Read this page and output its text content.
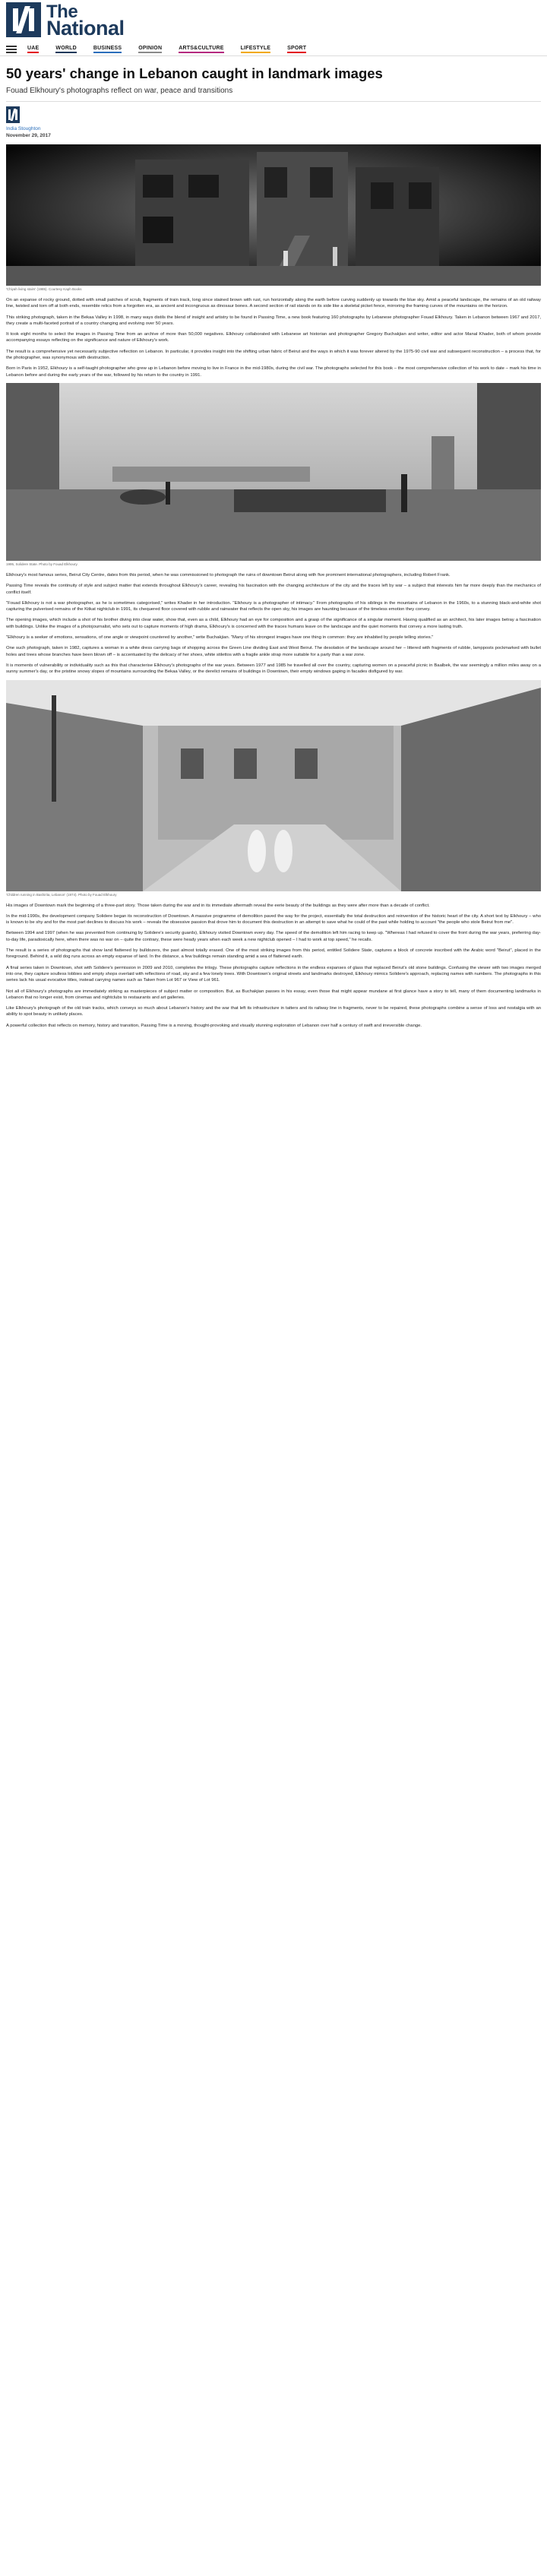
The
National
UAE	WORLD	BUSINESS	OPINION	ARTS&CULTURE	LIFESTYLE	SPORT
50 years' change in Lebanon caught in landmark images
Fouad Elkhoury's photographs reflect on war, peace and transitions
India Stoughton
November 29, 2017
'Chiyah living stairs' (1985). Courtesy Kaph Books

On an expanse of rocky ground, dotted with small patches of scrub, fragments of train track, long since stained brown with rust, run horizontally along the earth before curving suddenly up towards the blue sky. Amid a peaceful landscape, the remains of an old railway line, twisted and torn off at both ends, resemble relics from a forgotten era, as ancient and incongruous as dinosaur bones. A second section of rail stands on its side like a skeletal picket fence, mirroring the framing curves of the mountains on the horizon.

This striking photograph, taken in the Bekaa Valley in 1998, in many ways distils the blend of insight and artistry to be found in Passing Time, a new book featuring 160 photographs by Lebanese photographer Fouad Elkhoury. Taken in Lebanon between 1967 and 2017, they create a multi-faceted portrait of a country changing and evolving over 50 years.

It took eight months to select the images in Passing Time from an archive of more than 50,000 negatives. Elkhoury collaborated with Lebanese art historian and photographer Gregory Buchakjian and writer, editor and actor Manal Khader, both of whom provide accompanying essays reflecting on the significance and nature of Elkhoury's work.

The result is a comprehensive yet necessarily subjective reflection on Lebanon. In particular, it provides insight into the shifting urban fabric of Beirut and the ways in which it was forever altered by the 1975-90 civil war and subsequent reconstruction – a process that, for the photographer, was synonymous with destruction.

Born in Paris in 1952, Elkhoury is a self-taught photographer who grew up in Lebanon before moving to live in France in the mid-1980s, during the civil war. The photographs selected for this book – the most comprehensive collection of his work to date – mark his time in Lebanon before and during the early years of the war, followed by his return to the country in 1991.

1995, Solidere State. Photo by Fouad Elkhoury.

Elkhoury's most famous series, Beirut City Centre, dates from this period, when he was commissioned to photograph the ruins of downtown Beirut along with five prominent international photographers, including Robert Frank.

Passing Time reveals the continuity of style and subject matter that extends throughout Elkhoury's career, revealing his fascination with the changing architecture of the city and the traces left by war – a subject that interests him far more deeply than the mechanics of conflict itself.

"Fouad Elkhoury is not a war photographer, as he is sometimes categorised," writes Khader in her introduction. "Elkhoury is a photographer of intimacy." From photographs of his siblings in the mountains of Lebanon in the 1960s, to a stunning black-and-white shot capturing the pulverised remains of the Kitkat nightclub in 1991, its chequered floor covered with rubble and rainwater that reflects the open sky, his images are haunting because of the timeless emotion they convey.

The opening images, which include a shot of his brother diving into clear water, show that, even as a child, Elkhoury had an eye for composition and a grasp of the significance of a singular moment. Having qualified as an architect, his later images betray a fascination with buildings. Unlike the images of a photojournalist, who sets out to capture moments of high drama, Elkhoury's is concerned with the traces humans leave on the landscape and the quiet moments that convey a more lasting truth.

"Elkhoury is a seeker of emotions, sensations, of one angle or viewpoint countered by another," write Buchakjian. "Many of his strongest images have one thing in common: they are inhabited by people telling stories."

One such photograph, taken in 1982, captures a woman in a white dress carrying bags of shopping across the Green Line dividing East and West Beirut. The desolation of the landscape around her – littered with fragments of rubble, lampposts pockmarked with bullet holes and trees whose branches have been blown off – is accentuated by the delicacy of her shoes, white stilettos with a fragile ankle strap more suitable for a party than a war zone.

It is moments of vulnerability or individuality such as this that characterise Elkhoury's photographs of the war years. Between 1977 and 1985 he travelled all over the country, capturing women on a peaceful picnic in Baalbek, the war seemingly a million miles away on a sunny summer's day, or the pristine snowy slopes of mountains surrounding the Bekaa Valley, or the derelict remains of buildings in Downtown, their empty windows gaping in facades disfigured by war.

'Children running in Bashirita, Lebanon' (1974). Photo by Fouad Elkhoury

His images of Downtown mark the beginning of a three-part story. Those taken during the war and in its immediate aftermath reveal the eerie beauty of the buildings as they were after more than a decade of conflict.

In the mid-1990s, the development company Solidere began its reconstruction of Downtown. A massive programme of demolition paved the way for the project, essentially the total destruction and reinvention of the historic heart of the city. A short text by Elkhoury – who is known to be shy and for the most part declines to discuss his work – reveals the obsessive passion that drove him to document this destruction in an attempt to save what he could of the past while holding to account "the people who stole Beirut from me".

Between 1994 and 1997 (when he was prevented from continuing by Solidere's security guards), Elkhoury visited Downtown every day. The speed of the demolition left him racing to keep up. "Whereas I had refused to cover the front during the war years, preferring day-to-day life, paradoxically here, when there was no war on – quite the contrary, these were heady years when each week a new nightclub opened – I had to work at top speed," he recalls.

The result is a series of photographs that show land flattened by bulldozers, the past almost totally erased. One of the most striking images from this period, entitled Solidere State, captures a block of concrete inscribed with the Arabic word "Beirut", placed in the foreground. Behind it, a wild dog runs across an empty expanse of land. In the distance, a few buildings remain standing amid a sea of flattened earth.

A final series taken in Downtown, shot with Solidere's permission in 2009 and 2010, completes the trilogy. These photographs capture reflections in the endless expanses of glass that replaced Beirut's old stone buildings. Confusing the viewer with two images merged into one, they capture soulless lobbies and empty shops overlaid with reflections of road, sky and a few lonely trees. With Downtown's original streets and landmarks destroyed, Elkhoury mimics Solidere's approach, replacing names with numbers. The photographs in this series lack his usual evocative titles, instead carrying names such as Taken from Lot 967 or View of Lot 961.

Not all of Elkhoury's photographs are immediately striking as masterpieces of subject matter or composition. But, as Buchakjian passes in his essay, even those that might appear mundane at first glance have a story to tell, many of them documenting landmarks in Lebanon that no longer exist, from cinemas and nightclubs to restaurants and art galleries.

Like Elkhoury's photograph of the old train tracks, which conveys so much about Lebanon's history and the war that left its infrastructure in tatters and its railway line in fragments, never to be repaired, these photographs combine a sense of loss and nostalgia with an ability to spot beauty in unlikely places.

A powerful collection that reflects on memory, history and transition, Passing Time is a moving, thought-provoking and visually stunning exploration of Lebanon over half a century of swift and irreversible change.
